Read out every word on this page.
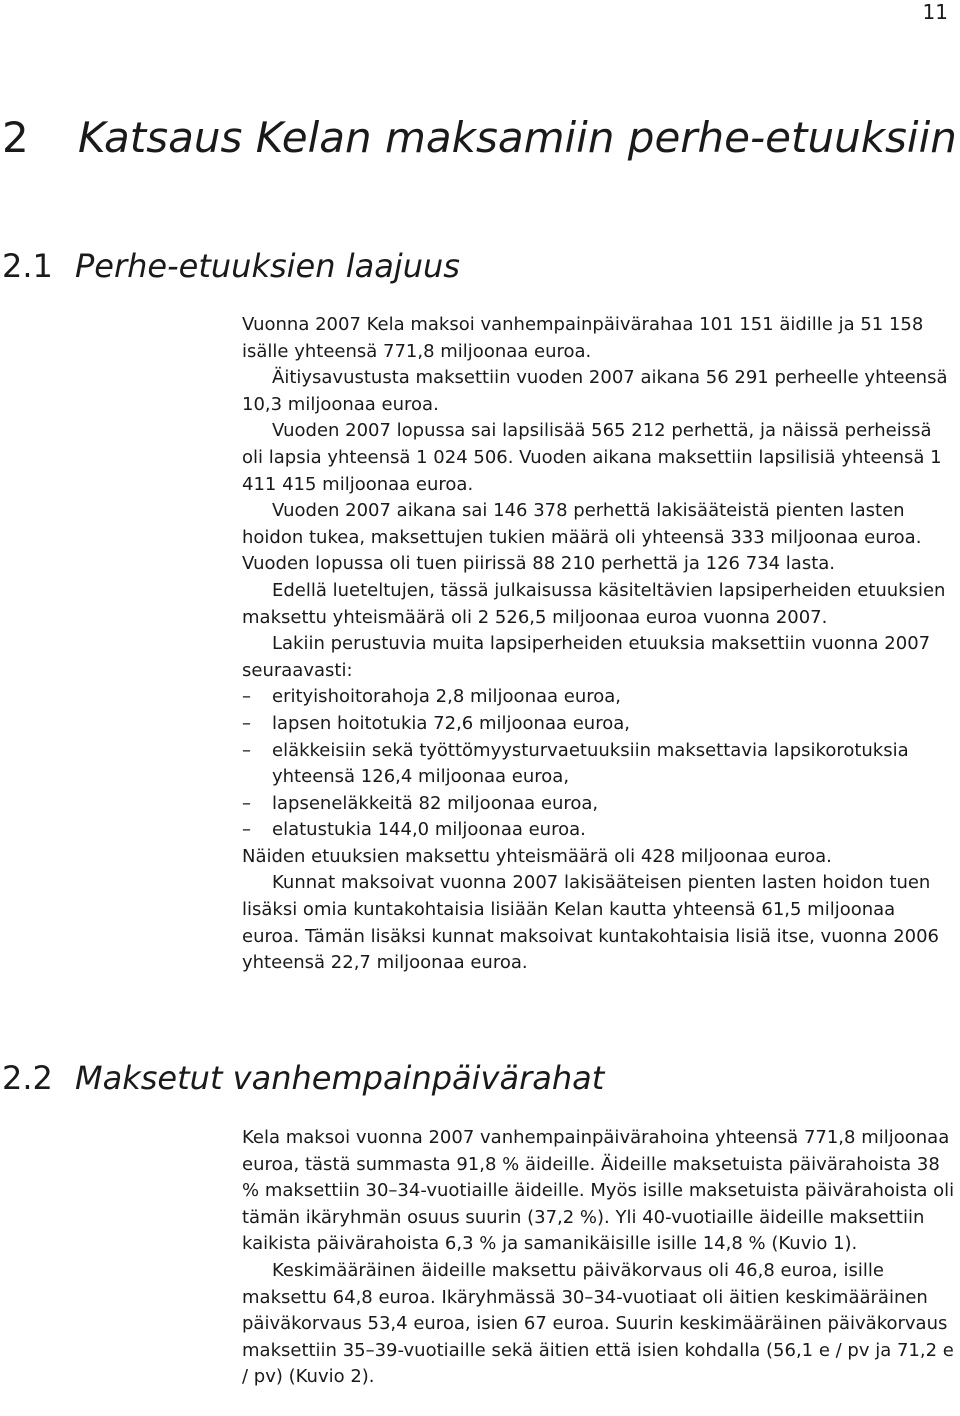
11
2 Katsaus Kelan maksamiin perhe-etuuksiin
2.1 Perhe-etuuksien laajuus

Vuonna 2007 Kela maksoi vanhempainpäivärahaa 101 151 äidille ja 51 158 isälle yhteensä 771,8 miljoonaa euroa.

Äitiysavustusta maksettiin vuoden 2007 aikana 56 291 perheelle yhteensä 10,3 miljoonaa euroa.

Vuoden 2007 lopussa sai lapsilisää 565 212 perhettä, ja näissä perheissä oli lapsia yhteensä 1 024 506. Vuoden aikana maksettiin lapsilisiä yhteensä 1 411 415 miljoonaa euroa.

Vuoden 2007 aikana sai 146 378 perhettä lakisääteistä pienten lasten hoidon tukea, maksettujen tukien määrä oli yhteensä 333 miljoonaa euroa. Vuoden lopussa oli tuen piirissä 88 210 perhettä ja 126 734 lasta.

Edellä lueteltujen, tässä julkaisussa käsiteltävien lapsiperheiden etuuksien maksettu yhteismäärä oli 2 526,5 miljoonaa euroa vuonna 2007.

Lakiin perustuvia muita lapsiperheiden etuuksia maksettiin vuonna 2007 seuraavasti:

– erityishoitorahoja 2,8 miljoonaa euroa,
– lapsen hoitotukia 72,6 miljoonaa euroa,
– eläkkeisiin sekä työttömyysturvaetuuksiin maksettavia lapsikorotuksia yhteensä 126,4 miljoonaa euroa,
– lapseneläkkeitä 82 miljoonaa euroa,
– elatustukia 144,0 miljoonaa euroa.

Näiden etuuksien maksettu yhteismäärä oli 428 miljoonaa euroa.

Kunnat maksoivat vuonna 2007 lakisääteisen pienten lasten hoidon tuen lisäksi omia kuntakohtaisia lisiään Kelan kautta yhteensä 61,5 miljoonaa euroa. Tämän lisäksi kunnat maksoivat kuntakohtaisia lisiä itse, vuonna 2006 yhteensä 22,7 miljoonaa euroa.

2.2 Maksetut vanhempainpäivärahat

Kela maksoi vuonna 2007 vanhempainpäivärahoina yhteensä 771,8 miljoonaa euroa, tästä summasta 91,8 % äideille. Äideille maksetuista päivärahoista 38 % maksettiin 30–34-vuotiaille äideille. Myös isille maksetuista päivärahoista oli tämän ikäryhmän osuus suurin (37,2 %). Yli 40-vuotiaille äideille maksettiin kaikista päivärahoista 6,3 % ja samanikäisille isille 14,8 % (Kuvio 1).

Keskimääräinen äideille maksettu päiväkorvaus oli 46,8 euroa, isille maksettu 64,8 euroa. Ikäryhmässä 30–34-vuotiaat oli äitien keskimääräinen päiväkorvaus 53,4 euroa, isien 67 euroa. Suurin keskimääräinen päiväkorvaus maksettiin 35–39-vuotiaille sekä äitien että isien kohdalla (56,1 e / pv ja 71,2 e / pv) (Kuvio 2).
